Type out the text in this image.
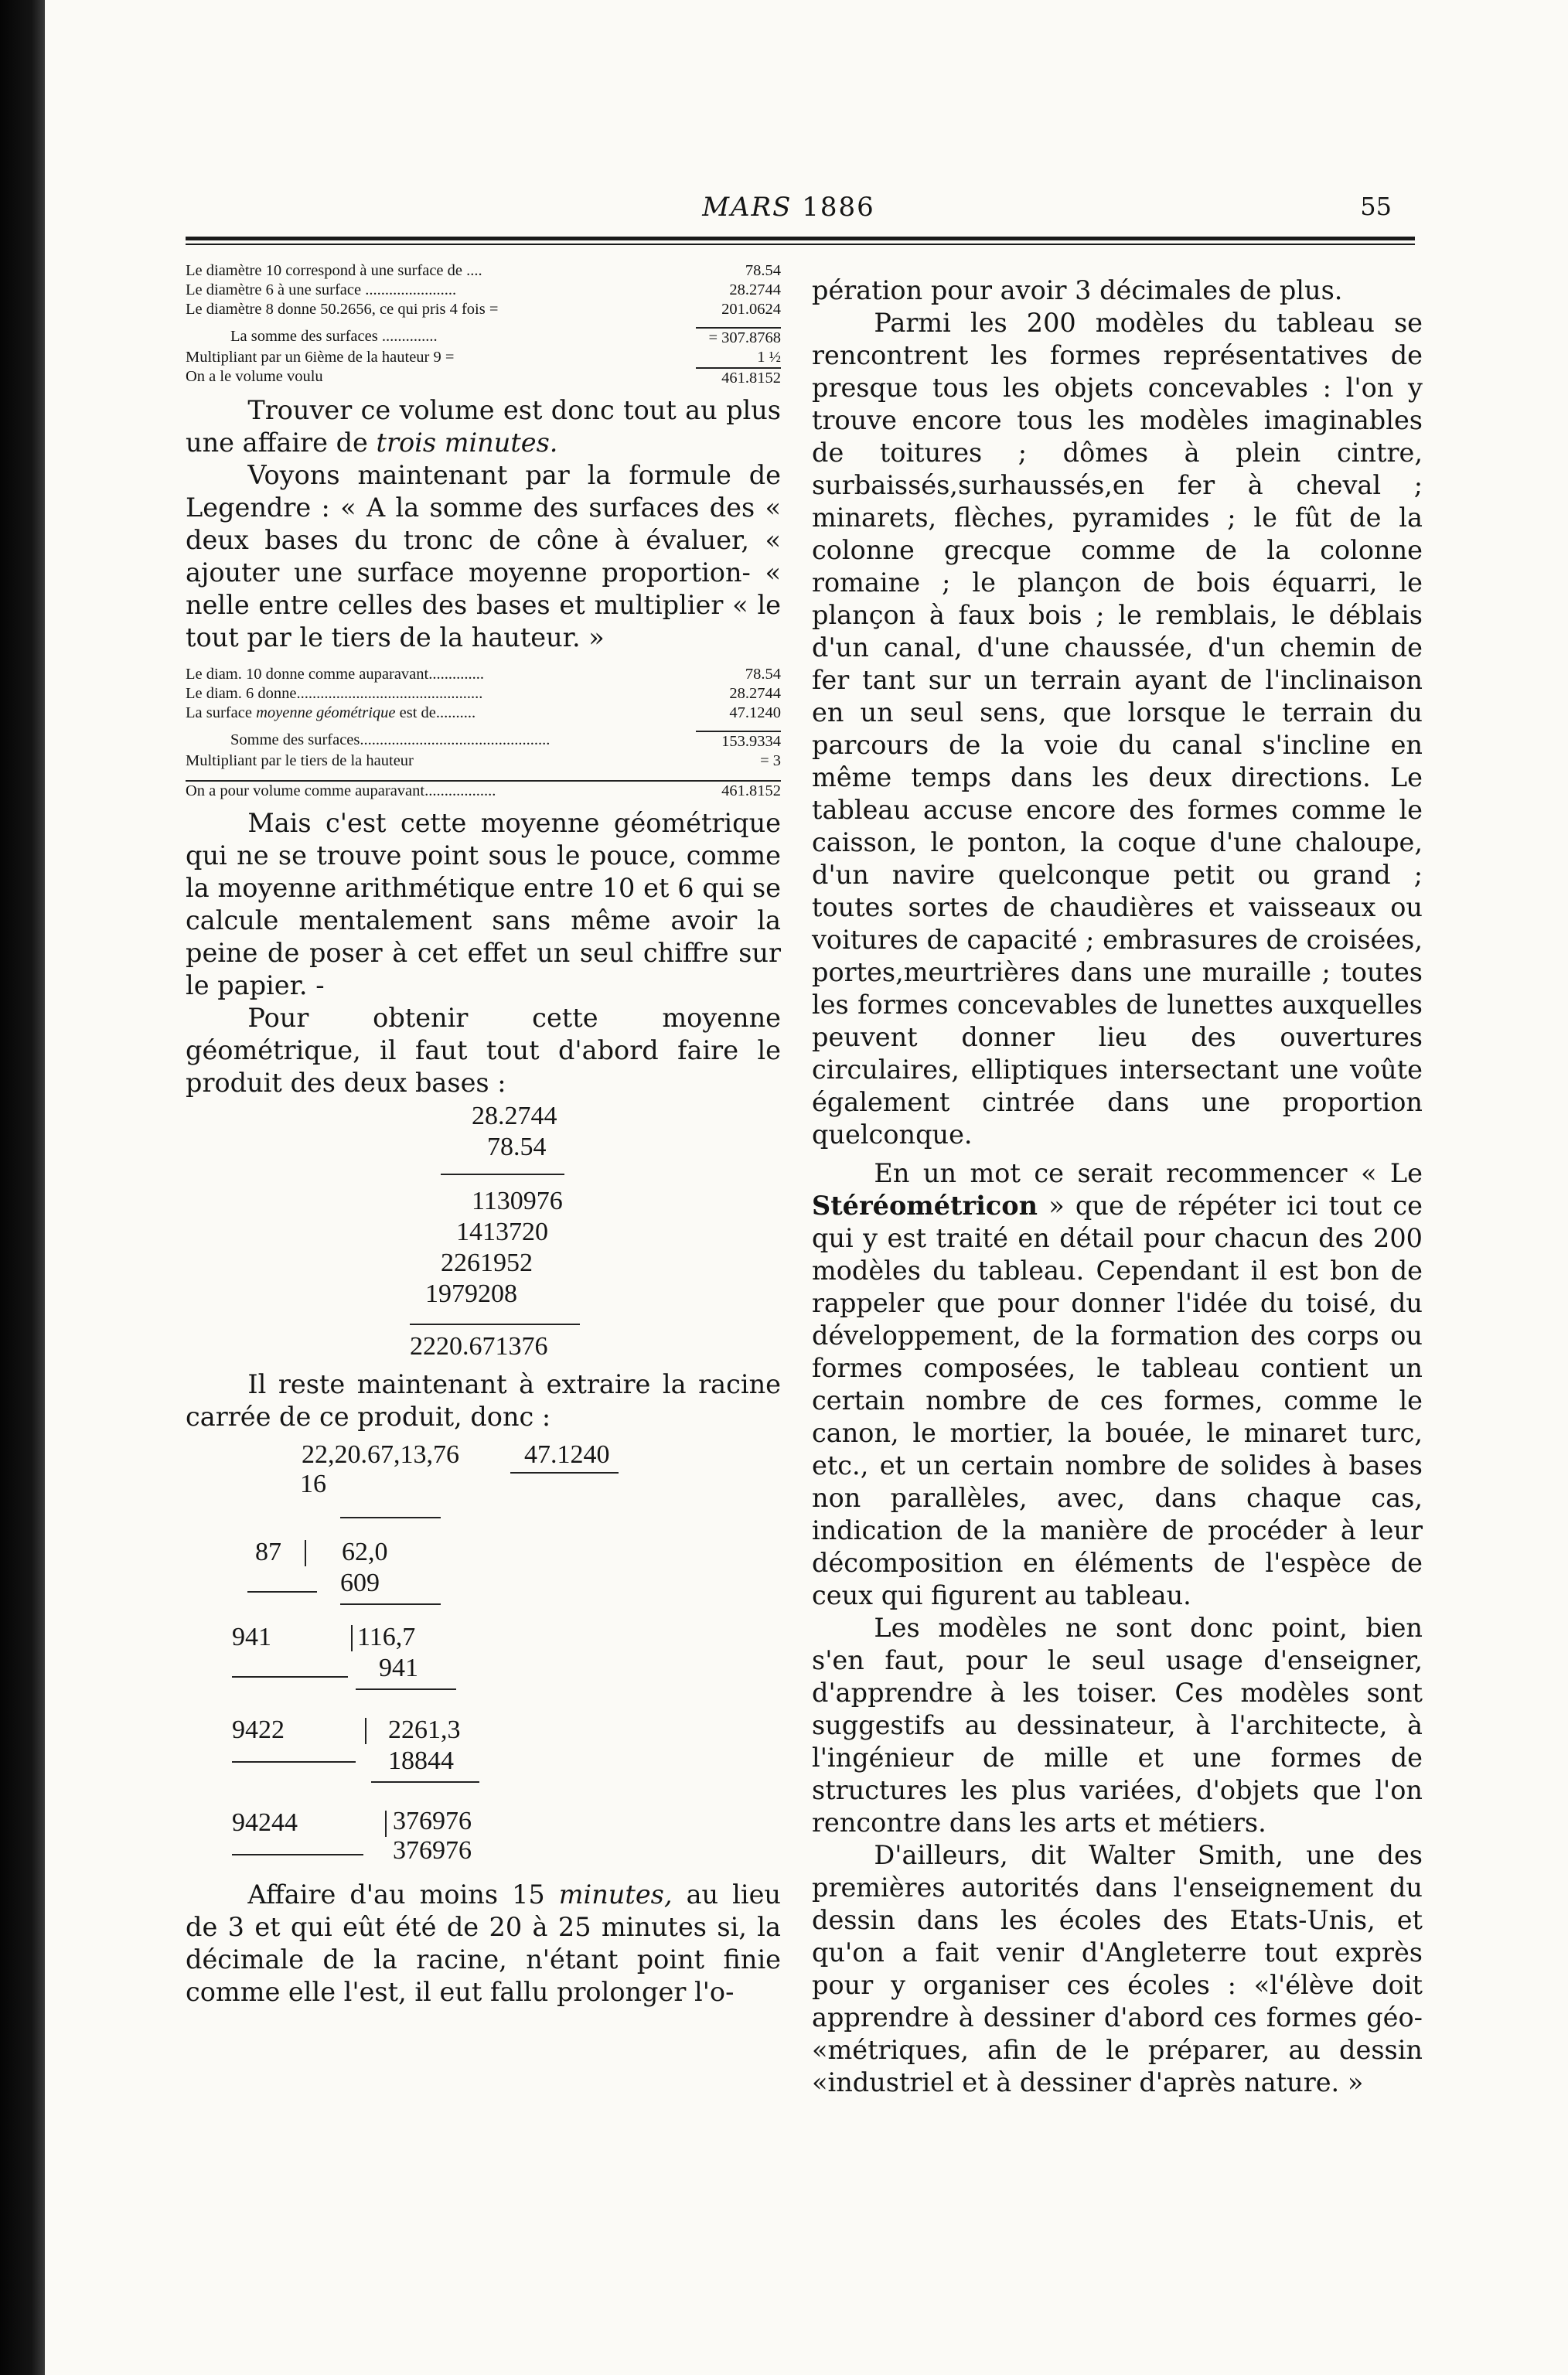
MARS 1886	55
Le diamètre 10 correspond à une surface de ....	78.54
Le diamètre 6 à une surface .......................	28.2744
Le diamètre 8 donne 50.2656, ce qui pris 4 fois =	201.0624
La somme des surfaces ..............	= 307.8768
Multipliant par un 6ième de la hauteur 9 =	1 ½
On a le volume voulu	461.8152

Trouver ce volume est donc tout au plus une affaire de trois minutes.

Voyons maintenant par la formule de Legendre : « A la somme des surfaces des « deux bases du tronc de cône à évaluer, « ajouter une surface moyenne proportion- « nelle entre celles des bases et multiplier « le tout par le tiers de la hauteur. »

Le diam. 10 donne comme auparavant..............	78.54
Le diam. 6 donne...............................................	28.2744
La surface moyenne géométrique est de..........	47.1240
Somme des surfaces................................................	153.9334
Multipliant par le tiers de la hauteur	= 3
On a pour volume comme auparavant..................	461.8152

Mais c'est cette moyenne géométrique qui ne se trouve point sous le pouce, comme la moyenne arithmétique entre 10 et 6 qui se calcule mentalement sans même avoir la peine de poser à cet effet un seul chiffre sur le papier. -

Pour obtenir cette moyenne géométrique, il faut tout d'abord faire le produit des deux bases :

28.2744
78.54
1130976
1413720
2261952
1979208
2220.671376
Il reste maintenant à extraire la racine carrée de ce produit, donc :
22,20.67,13,76 47.1240
16
87 62,0
609
941	116,7
941
9422	2261,3
18844
94244	376976
376976

Affaire d'au moins 15 minutes, au lieu de 3 et qui eût été de 20 à 25 minutes si, la décimale de la racine, n'étant point finie comme elle l'est, il eut fallu prolonger l'o-

pération pour avoir 3 décimales de plus.

Parmi les 200 modèles du tableau se rencontrent les formes représentatives de presque tous les objets concevables : l'on y trouve encore tous les modèles imaginables de toitures ; dômes à plein cintre, surbaissés,surhaussés,en fer à cheval ; minarets, flèches, pyramides ; le fût de la colonne grecque comme de la colonne romaine ; le plançon de bois équarri, le plançon à faux bois ; le remblais, le déblais d'un canal, d'une chaussée, d'un chemin de fer tant sur un terrain ayant de l'inclinaison en un seul sens, que lorsque le terrain du parcours de la voie du canal s'incline en même temps dans les deux directions. Le tableau accuse encore des formes comme le caisson, le ponton, la coque d'une chaloupe, d'un navire quelconque petit ou grand ; toutes sortes de chaudières et vaisseaux ou voitures de capacité ; embrasures de croisées, portes,meurtrières dans une muraille ; toutes les formes concevables de lunettes auxquelles peuvent donner lieu des ouvertures circulaires, elliptiques intersectant une voûte également cintrée dans une proportion quelconque.

En un mot ce serait recommencer « Le Stéréométricon » que de répéter ici tout ce qui y est traité en détail pour chacun des 200 modèles du tableau. Cependant il est bon de rappeler que pour donner l'idée du toisé, du développement, de la formation des corps ou formes composées, le tableau contient un certain nombre de ces formes, comme le canon, le mortier, la bouée, le minaret turc, etc., et un certain nombre de solides à bases non parallèles, avec, dans chaque cas, indication de la manière de procéder à leur décomposition en éléments de l'espèce de ceux qui figurent au tableau.

Les modèles ne sont donc point, bien s'en faut, pour le seul usage d'enseigner, d'apprendre à les toiser. Ces modèles sont suggestifs au dessinateur, à l'architecte, à l'ingénieur de mille et une formes de structures les plus variées, d'objets que l'on rencontre dans les arts et métiers.

D'ailleurs, dit Walter Smith, une des premières autorités dans l'enseignement du dessin dans les écoles des Etats-Unis, et qu'on a fait venir d'Angleterre tout exprès pour y organiser ces écoles : «l'élève doit apprendre à dessiner d'abord ces formes géo- «métriques, afin de le préparer, au dessin «industriel et à dessiner d'après nature. »
